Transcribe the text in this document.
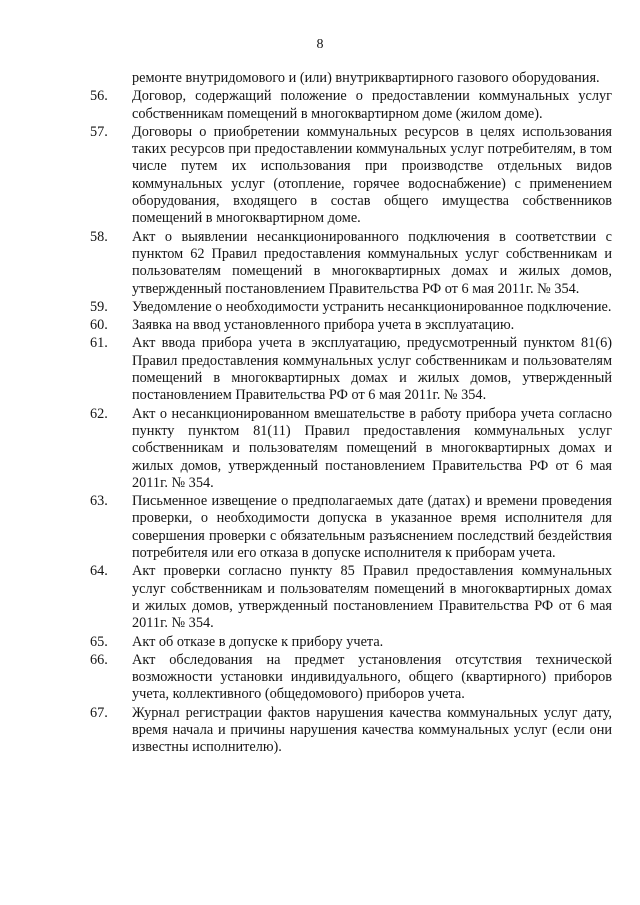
8
ремонте внутридомового и (или) внутриквартирного газового оборудования.
56.	Договор, содержащий положение о предоставлении коммунальных услуг собственникам помещений в многоквартирном доме (жилом доме).
57.	Договоры о приобретении коммунальных ресурсов в целях использования таких ресурсов при предоставлении коммунальных услуг потребителям, в том числе путем их использования при производстве отдельных видов коммунальных услуг (отопление, горячее водоснабжение) с применением оборудования, входящего в состав общего имущества собственников помещений в многоквартирном доме.
58.	Акт о выявлении несанкционированного подключения в соответствии с пунктом 62 Правил предоставления коммунальных услуг собственникам и пользователям помещений в многоквартирных домах и жилых домов, утвержденный постановлением Правительства РФ от 6 мая 2011г. № 354.
59.	Уведомление о необходимости устранить несанкционированное подключение.
60.	Заявка на ввод установленного прибора учета в эксплуатацию.
61.	Акт ввода прибора учета в эксплуатацию, предусмотренный пунктом 81(6) Правил предоставления коммунальных услуг собственникам и пользователям помещений в многоквартирных домах и жилых домов, утвержденный постановлением Правительства РФ от 6 мая 2011г. № 354.
62.	Акт о несанкционированном вмешательстве в работу прибора учета согласно пункту пунктом 81(11) Правил предоставления коммунальных услуг собственникам и пользователям помещений в многоквартирных домах и жилых домов, утвержденный постановлением Правительства РФ от 6 мая 2011г. № 354.
63.	Письменное извещение о предполагаемых дате (датах) и времени проведения проверки, о необходимости допуска в указанное время исполнителя для совершения проверки с обязательным разъяснением последствий бездействия потребителя или его отказа в допуске исполнителя к приборам учета.
64.	Акт проверки согласно пункту 85 Правил предоставления коммунальных услуг собственникам и пользователям помещений в многоквартирных домах и жилых домов, утвержденный постановлением Правительства РФ от 6 мая 2011г. № 354.
65.	Акт об отказе в допуске к прибору учета.
66.	Акт обследования на предмет установления отсутствия технической возможности установки индивидуального, общего (квартирного) приборов учета, коллективного (общедомового) приборов учета.
67.	Журнал регистрации фактов нарушения качества коммунальных услуг дату, время начала и причины нарушения качества коммунальных услуг (если они известны исполнителю).
